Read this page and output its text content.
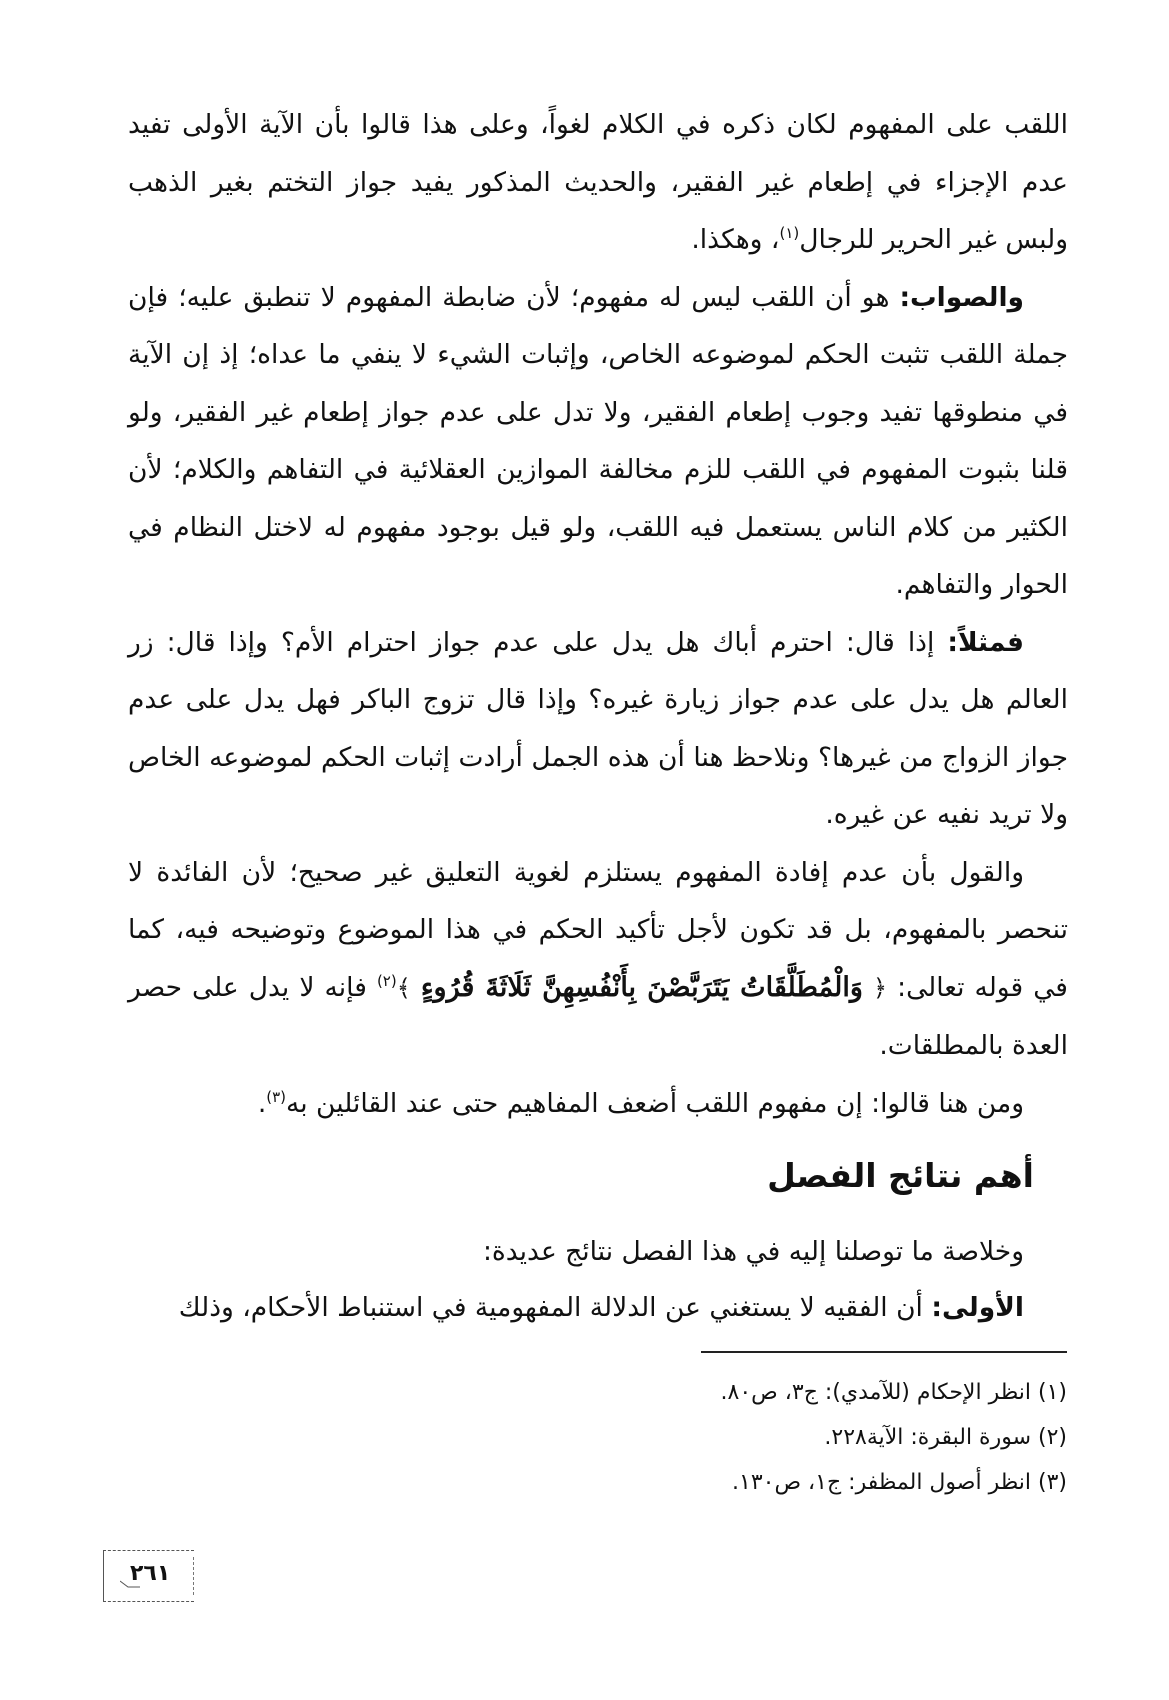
اللقب على المفهوم لكان ذكره في الكلام لغواً، وعلى هذا قالوا بأن الآية الأولى تفيد عدم الإجزاء في إطعام غير الفقير، والحديث المذكور يفيد جواز التختم بغير الذهب ولبس غير الحرير للرجال$^{(١)}$، وهكذا.

والصواب: هو أن اللقب ليس له مفهوم؛ لأن ضابطة المفهوم لا تنطبق عليه؛ فإن جملة اللقب تثبت الحكم لموضوعه الخاص، وإثبات الشيء لا ينفي ما عداه؛ إذ إن الآية في منطوقها تفيد وجوب إطعام الفقير، ولا تدل على عدم جواز إطعام غير الفقير، ولو قلنا بثبوت المفهوم في اللقب للزم مخالفة الموازين العقلائية في التفاهم والكلام؛ لأن الكثير من كلام الناس يستعمل فيه اللقب، ولو قيل بوجود مفهوم له لاختل النظام في الحوار والتفاهم.

فمثلاً: إذا قال: احترم أباك هل يدل على عدم جواز احترام الأم؟ وإذا قال: زر العالم هل يدل على عدم جواز زيارة غيره؟ وإذا قال تزوج الباكر فهل يدل على عدم جواز الزواج من غيرها؟ ونلاحظ هنا أن هذه الجمل أرادت إثبات الحكم لموضوعه الخاص ولا تريد نفيه عن غيره.

والقول بأن عدم إفادة المفهوم يستلزم لغوية التعليق غير صحيح؛ لأن الفائدة لا تنحصر بالمفهوم، بل قد تكون لأجل تأكيد الحكم في هذا الموضوع وتوضيحه فيه، كما في قوله تعالى: ﴿ وَالْمُطَلَّقَاتُ يَتَرَبَّصْنَ بِأَنْفُسِهِنَّ ثَلَاثَةَ قُرُوءٍ ﴾$^{(٢)}$ فإنه لا يدل على حصر العدة بالمطلقات.

ومن هنا قالوا: إن مفهوم اللقب أضعف المفاهيم حتى عند القائلين به$^{(٣)}$.

أهم نتائج الفصل

وخلاصة ما توصلنا إليه في هذا الفصل نتائج عديدة:

الأولى: أن الفقيه لا يستغني عن الدلالة المفهومية في استنباط الأحكام، وذلك

(١) انظر الإحكام (للآمدي): ج٣، ص٨٠.
(٢) سورة البقرة: الآية٢٢٨.
(٣) انظر أصول المظفر: ج١، ص١٣٠.
٢٦١
